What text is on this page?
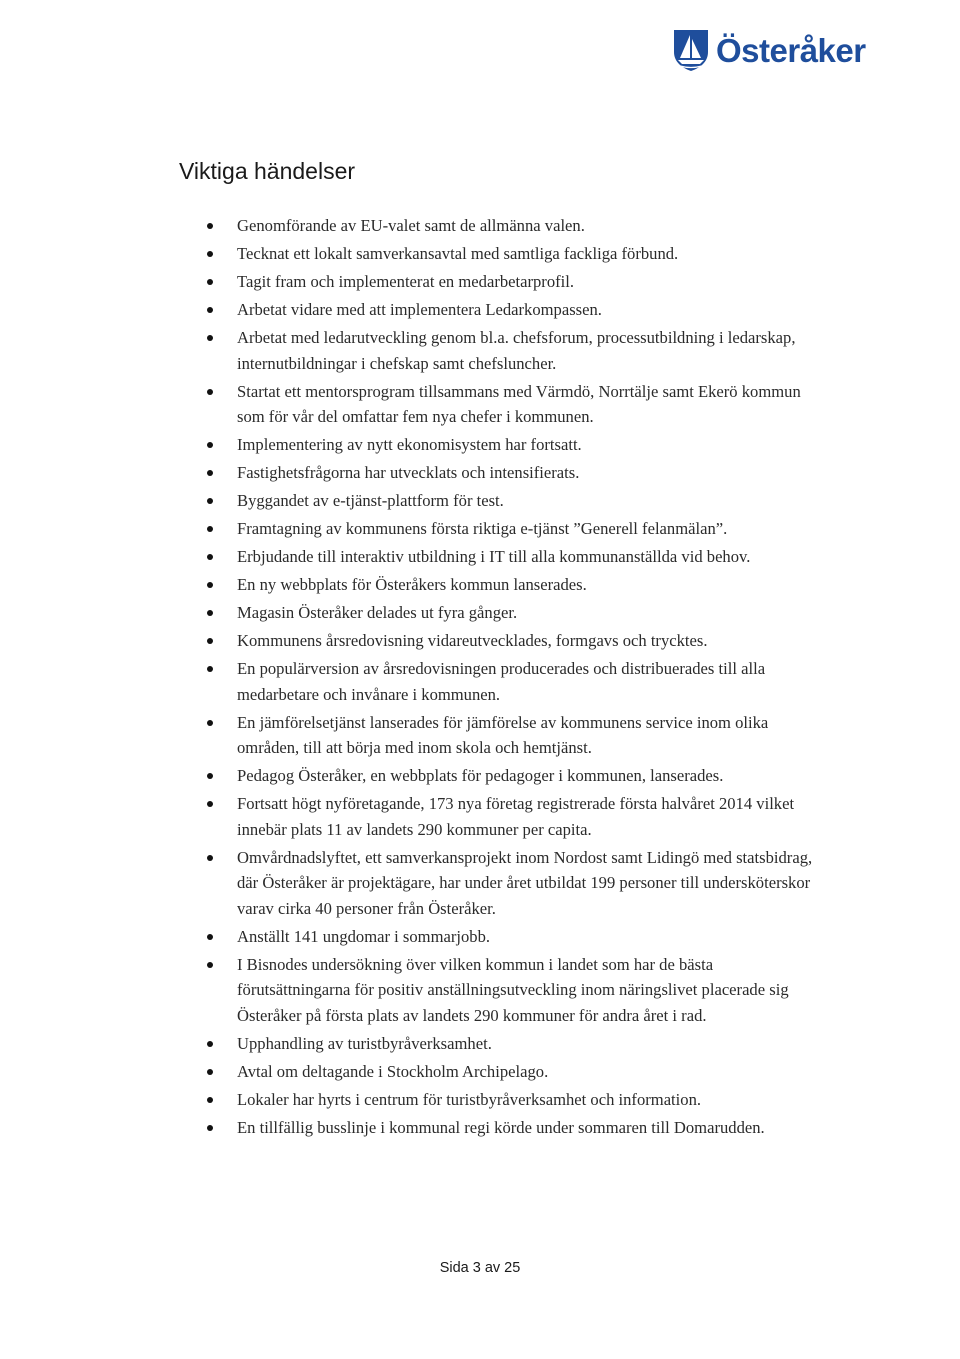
Österåker
Viktiga händelser
Genomförande av EU-valet samt de allmänna valen.
Tecknat ett lokalt samverkansavtal med samtliga fackliga förbund.
Tagit fram och implementerat en medarbetarprofil.
Arbetat vidare med att implementera Ledarkompassen.
Arbetat med ledarutveckling genom bl.a. chefsforum, processutbildning i ledarskap, internutbildningar i chefskap samt chefsluncher.
Startat ett mentorsprogram tillsammans med Värmdö, Norrtälje samt Ekerö kommun som för vår del omfattar fem nya chefer i kommunen.
Implementering av nytt ekonomisystem har fortsatt.
Fastighetsfrågorna har utvecklats och intensifierats.
Byggandet av e-tjänst-plattform för test.
Framtagning av kommunens första riktiga e-tjänst ”Generell felanmälan”.
Erbjudande till interaktiv utbildning i IT till alla kommunanställda vid behov.
En ny webbplats för Österåkers kommun lanserades.
Magasin Österåker delades ut fyra gånger.
Kommunens årsredovisning vidareutvecklades, formgavs och trycktes.
En populärversion av årsredovisningen producerades och distribuerades till alla medarbetare och invånare i kommunen.
En jämförelsetjänst lanserades för jämförelse av kommunens service inom olika områden, till att börja med inom skola och hemtjänst.
Pedagog Österåker, en webbplats för pedagoger i kommunen, lanserades.
Fortsatt högt nyföretagande, 173 nya företag registrerade första halvåret 2014 vilket innebär plats 11 av landets 290 kommuner per capita.
Omvårdnadslyftet, ett samverkansprojekt inom Nordost samt Lidingö med statsbidrag, där Österåker är projektägare, har under året utbildat 199 personer till undersköterskor varav cirka 40 personer från Österåker.
Anställt 141 ungdomar i sommarjobb.
I Bisnodes undersökning över vilken kommun i landet som har de bästa förutsättningarna för positiv anställningsutveckling inom näringslivet placerade sig Österåker på första plats av landets 290 kommuner för andra året i rad.
Upphandling av turistbyråverksamhet.
Avtal om deltagande i Stockholm Archipelago.
Lokaler har hyrts i centrum för turistbyråverksamhet och information.
En tillfällig busslinje i kommunal regi körde under sommaren till Domarudden.
Sida 3 av 25
